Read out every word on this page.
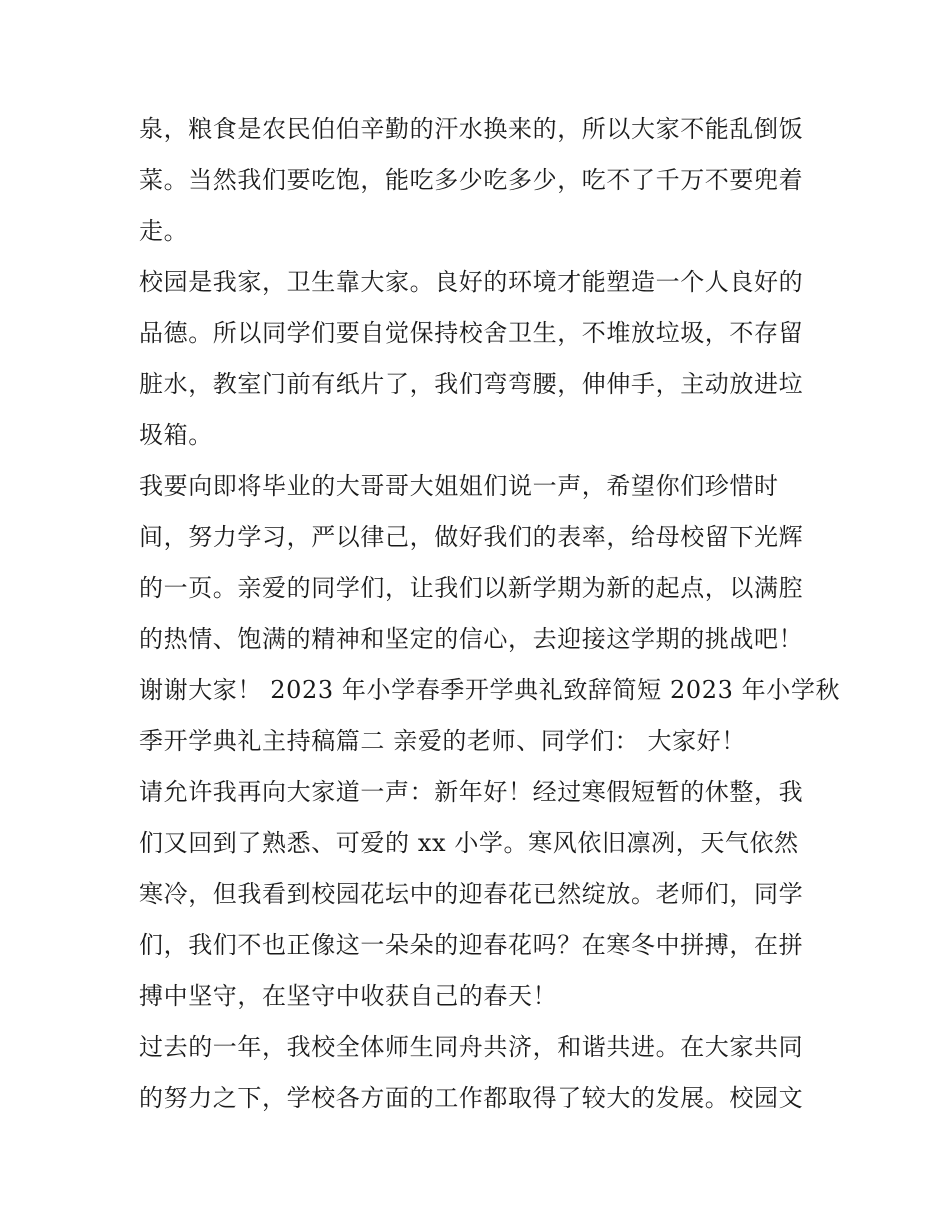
泉，粮食是农民伯伯辛勤的汗水换来的，所以大家不能乱倒饭
菜。当然我们要吃饱，能吃多少吃多少，吃不了千万不要兜着
走。
校园是我家，卫生靠大家。良好的环境才能塑造一个人良好的
品德。所以同学们要自觉保持校舍卫生，不堆放垃圾，不存留
脏水，教室门前有纸片了，我们弯弯腰，伸伸手，主动放进垃
圾箱。
我要向即将毕业的大哥哥大姐姐们说一声，希望你们珍惜时
间，努力学习，严以律己，做好我们的表率，给母校留下光辉
的一页。亲爱的同学们，让我们以新学期为新的起点，以满腔
的热情、饱满的精神和坚定的信心，去迎接这学期的挑战吧！
谢谢大家！ 2023 年小学春季开学典礼致辞简短 2023 年小学秋
季开学典礼主持稿篇二 亲爱的老师、同学们： 大家好！
请允许我再向大家道一声：新年好！经过寒假短暂的休整，我
们又回到了熟悉、可爱的 xx 小学。寒风依旧凛冽，天气依然
寒冷，但我看到校园花坛中的迎春花已然绽放。老师们，同学
们，我们不也正像这一朵朵的迎春花吗？在寒冬中拼搏，在拼
搏中坚守，在坚守中收获自己的春天！
过去的一年，我校全体师生同舟共济，和谐共进。在大家共同
的努力之下，学校各方面的工作都取得了较大的发展。校园文
